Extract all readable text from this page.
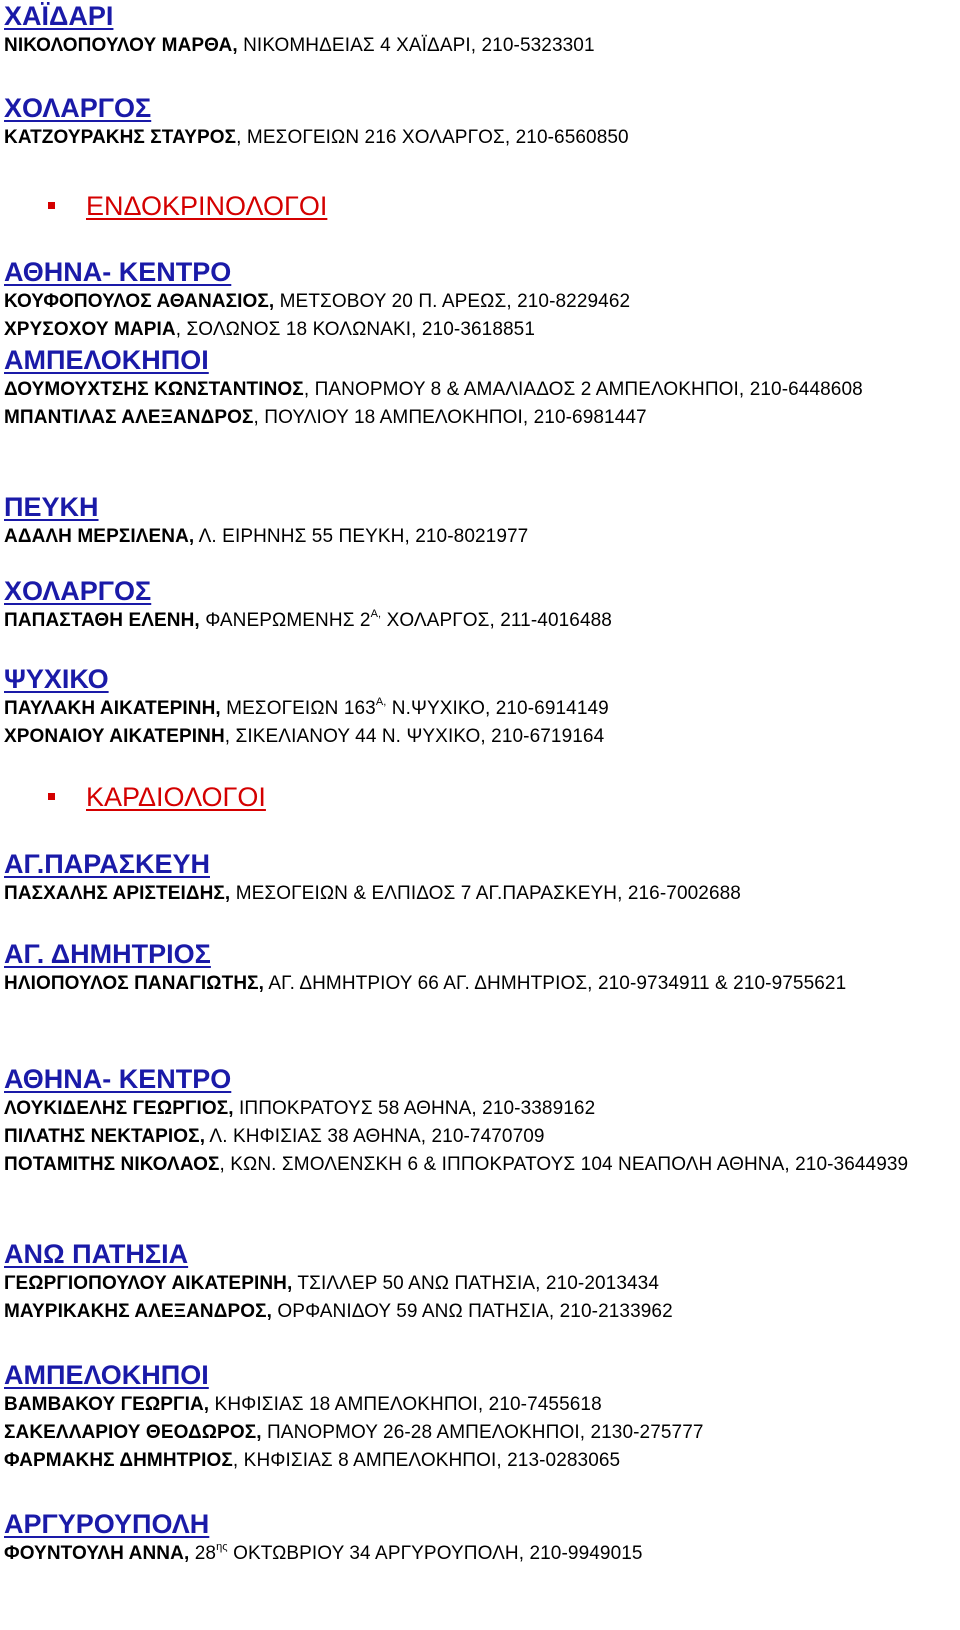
ΧΑΪΔΑΡΙ

ΝΙΚΟΛΟΠΟΥΛΟΥ ΜΑΡΘΑ, ΝΙΚΟΜΗΔΕΙΑΣ 4 ΧΑΪΔΑΡΙ, 210-5323301

ΧΟΛΑΡΓΟΣ

ΚΑΤΖΟΥΡΑΚΗΣ ΣΤΑΥΡΟΣ, ΜΕΣΟΓΕΙΩΝ 216 ΧΟΛΑΡΓΟΣ, 210-6560850

ΕΝΔΟΚΡΙΝΟΛΟΓΟΙ
ΑΘΗΝΑ- ΚΕΝΤΡΟ

ΚΟΥΦΟΠΟΥΛΟΣ ΑΘΑΝΑΣΙΟΣ, ΜΕΤΣΟΒΟΥ 20 Π. ΑΡΕΩΣ, 210-8229462

ΧΡΥΣΟΧΟΥ ΜΑΡΙΑ, ΣΟΛΩΝΟΣ 18 ΚΟΛΩΝΑΚΙ, 210-3618851

ΑΜΠΕΛΟΚΗΠΟΙ

ΔΟΥΜΟΥΧΤΣΗΣ ΚΩΝΣΤΑΝΤΙΝΟΣ, ΠΑΝΟΡΜΟΥ 8 & ΑΜΑΛΙΑΔΟΣ 2 ΑΜΠΕΛΟΚΗΠΟΙ, 210-6448608

ΜΠΑΝΤΙΛΑΣ ΑΛΕΞΑΝΔΡΟΣ, ΠΟΥΛΙΟΥ 18 ΑΜΠΕΛΟΚΗΠΟΙ, 210-6981447

ΠΕΥΚΗ

ΑΔΑΛΗ ΜΕΡΣΙΛΕΝΑ, Λ. ΕΙΡΗΝΗΣ 55 ΠΕΥΚΗ, 210-8021977

ΧΟΛΑΡΓΟΣ

ΠΑΠΑΣΤΑΘΗ ΕΛΕΝΗ, ΦΑΝΕΡΩΜΕΝΗΣ $2^{A,}$ ΧΟΛΑΡΓΟΣ, 211-4016488

ΨΥΧΙΚΟ

ΠΑΥΛΑΚΗ ΑΙΚΑΤΕΡΙΝΗ, ΜΕΣΟΓΕΙΩΝ $163^{A,}$ Ν.ΨΥΧΙΚΟ, 210-6914149

ΧΡΟΝΑΙΟΥ ΑΙΚΑΤΕΡΙΝΗ, ΣΙΚΕΛΙΑΝΟΥ 44 Ν. ΨΥΧΙΚΟ, 210-6719164

ΚΑΡΔΙΟΛΟΓΟΙ
ΑΓ.ΠΑΡΑΣΚΕΥΗ

ΠΑΣΧΑΛΗΣ ΑΡΙΣΤΕΙΔΗΣ, ΜΕΣΟΓΕΙΩΝ & ΕΛΠΙΔΟΣ 7 ΑΓ.ΠΑΡΑΣΚΕΥΗ, 216-7002688

ΑΓ. ΔΗΜΗΤΡΙΟΣ

ΗΛΙΟΠΟΥΛΟΣ ΠΑΝΑΓΙΩΤΗΣ, ΑΓ. ΔΗΜΗΤΡΙΟΥ 66 ΑΓ. ΔΗΜΗΤΡΙΟΣ, 210-9734911 & 210-9755621

ΑΘΗΝΑ- ΚΕΝΤΡΟ

ΛΟΥΚΙΔΕΛΗΣ ΓΕΩΡΓΙΟΣ, ΙΠΠΟΚΡΑΤΟΥΣ 58 ΑΘΗΝΑ, 210-3389162

ΠΙΛΑΤΗΣ ΝΕΚΤΑΡΙΟΣ, Λ. ΚΗΦΙΣΙΑΣ 38 ΑΘΗΝΑ, 210-7470709

ΠΟΤΑΜΙΤΗΣ ΝΙΚΟΛΑΟΣ, ΚΩΝ. ΣΜΟΛΕΝΣΚΗ 6 & ΙΠΠΟΚΡΑΤΟΥΣ 104 ΝΕΑΠΟΛΗ ΑΘΗΝΑ, 210-3644939

ΑΝΩ ΠΑΤΗΣΙΑ

ΓΕΩΡΓΙΟΠΟΥΛΟΥ ΑΙΚΑΤΕΡΙΝΗ, ΤΣΙΛΛΕΡ 50 ΑΝΩ ΠΑΤΗΣΙΑ, 210-2013434

ΜΑΥΡΙΚΑΚΗΣ ΑΛΕΞΑΝΔΡΟΣ, ΟΡΦΑΝΙΔΟΥ 59 ΑΝΩ ΠΑΤΗΣΙΑ, 210-2133962

ΑΜΠΕΛΟΚΗΠΟΙ

ΒΑΜΒΑΚΟΥ ΓΕΩΡΓΙΑ, ΚΗΦΙΣΙΑΣ 18 ΑΜΠΕΛΟΚΗΠΟΙ, 210-7455618

ΣΑΚΕΛΛΑΡΙΟΥ ΘΕΟΔΩΡΟΣ, ΠΑΝΟΡΜΟΥ 26-28 ΑΜΠΕΛΟΚΗΠΟΙ, 2130-275777

ΦΑΡΜΑΚΗΣ ΔΗΜΗΤΡΙΟΣ, ΚΗΦΙΣΙΑΣ 8 ΑΜΠΕΛΟΚΗΠΟΙ, 213-0283065

ΑΡΓΥΡΟΥΠΟΛΗ

ΦΟΥΝΤΟΥΛΗ ΑΝΝΑ, $28^{\eta\varsigma}$ ΟΚΤΩΒΡΙΟΥ 34 ΑΡΓΥΡΟΥΠΟΛΗ, 210-9949015
